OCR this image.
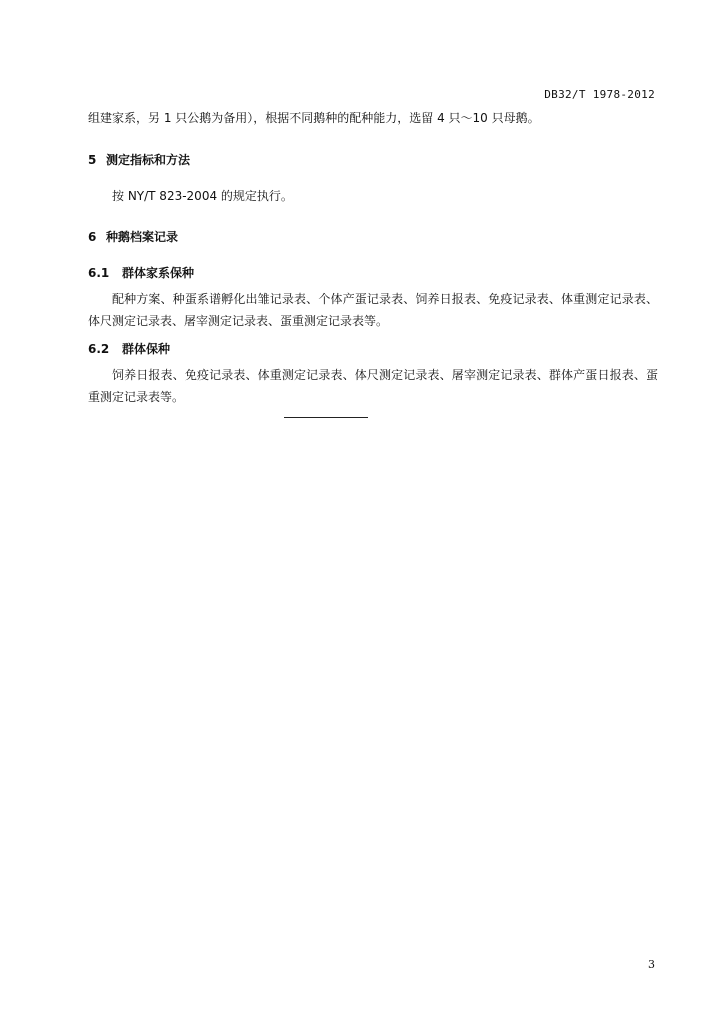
DB32/T 1978-2012

组建家系，另 1 只公鹅为备用），根据不同鹅种的配种能力，选留 4 只～10 只母鹅。

5 测定指标和方法

按 NY/T 823-2004 的规定执行。

6 种鹅档案记录
6.1 群体家系保种

配种方案、种蛋系谱孵化出雏记录表、个体产蛋记录表、饲养日报表、免疫记录表、体重测定记录表、体尺测定记录表、屠宰测定记录表、蛋重测定记录表等。

6.2 群体保种

饲养日报表、免疫记录表、体重测定记录表、体尺测定记录表、屠宰测定记录表、群体产蛋日报表、蛋重测定记录表等。

3
